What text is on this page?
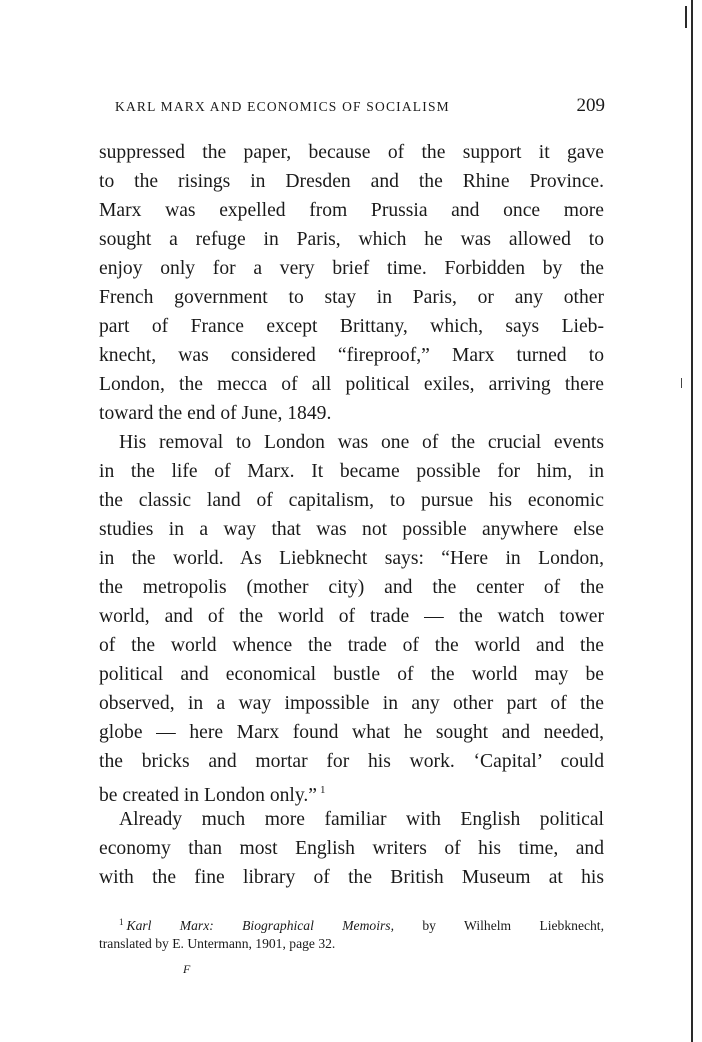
KARL MARX AND ECONOMICS OF SOCIALISM	209
suppressed the paper, because of the support it gave
to the risings in Dresden and the Rhine Province.
Marx was expelled from Prussia and once more
sought a refuge in Paris, which he was allowed to
enjoy only for a very brief time. Forbidden by the
French government to stay in Paris, or any other
part of France except Brittany, which, says Lieb-
knecht, was considered “fireproof,” Marx turned to
London, the mecca of all political exiles, arriving there
toward the end of June, 1849.
His removal to London was one of the crucial events
in the life of Marx. It became possible for him, in
the classic land of capitalism, to pursue his economic
studies in a way that was not possible anywhere else
in the world. As Liebknecht says: “Here in London,
the metropolis (mother city) and the center of the
world, and of the world of trade — the watch tower
of the world whence the trade of the world and the
political and economical bustle of the world may be
observed, in a way impossible in any other part of the
globe — here Marx found what he sought and needed,
the bricks and mortar for his work. ‘Capital’ could
be created in London only.” $^1$
Already much more familiar with English political
economy than most English writers of his time, and
with the fine library of the British Museum at his
$^1$ Karl Marx: Biographical Memoirs, by Wilhelm Liebknecht,
translated by E. Untermann, 1901, page 32.
F
